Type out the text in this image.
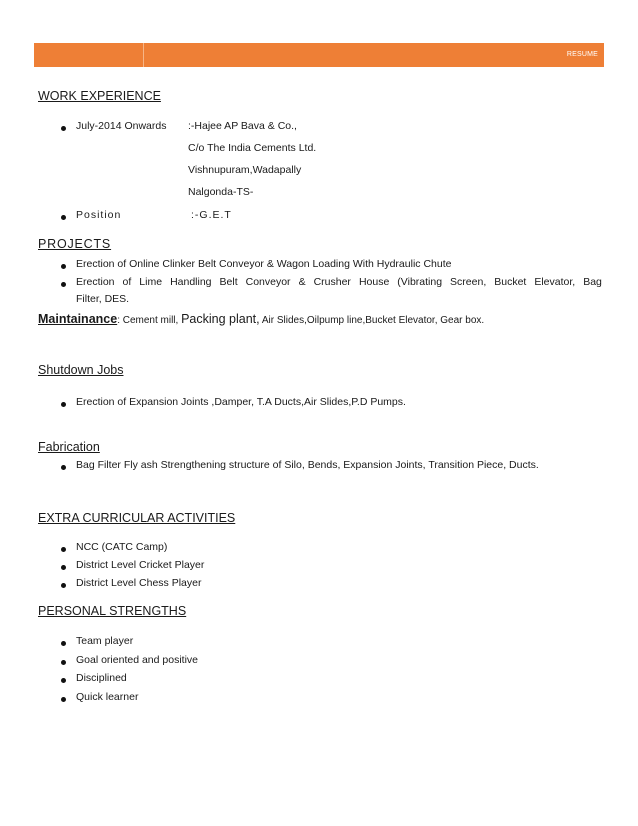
RESUME
WORK EXPERIENCE
July-2014 Onwards :-Hajee AP Bava & Co.,
C/o The India Cements Ltd.
Vishnupuram,Wadapally
Nalgonda-TS-
Position	:-G.E.T
PROJECTS
Erection of Online Clinker Belt Conveyor & Wagon Loading With Hydraulic Chute
Erection of Lime Handling Belt Conveyor & Crusher House (Vibrating Screen, Bucket Elevator, Bag
Filter, DES.
Maintainance: Cement mill, Packing plant, Air Slides,Oilpump line,Bucket Elevator, Gear box.
Shutdown Jobs
Erection of Expansion Joints ,Damper, T.A Ducts,Air Slides,P.D Pumps.
Fabrication
Bag Filter Fly ash Strengthening structure of Silo, Bends, Expansion Joints, Transition Piece, Ducts.
EXTRA CURRICULAR ACTIVITIES
NCC (CATC Camp)
District Level Cricket Player
District Level Chess Player
PERSONAL STRENGTHS
Team player
Goal oriented and positive
Disciplined
Quick learner
